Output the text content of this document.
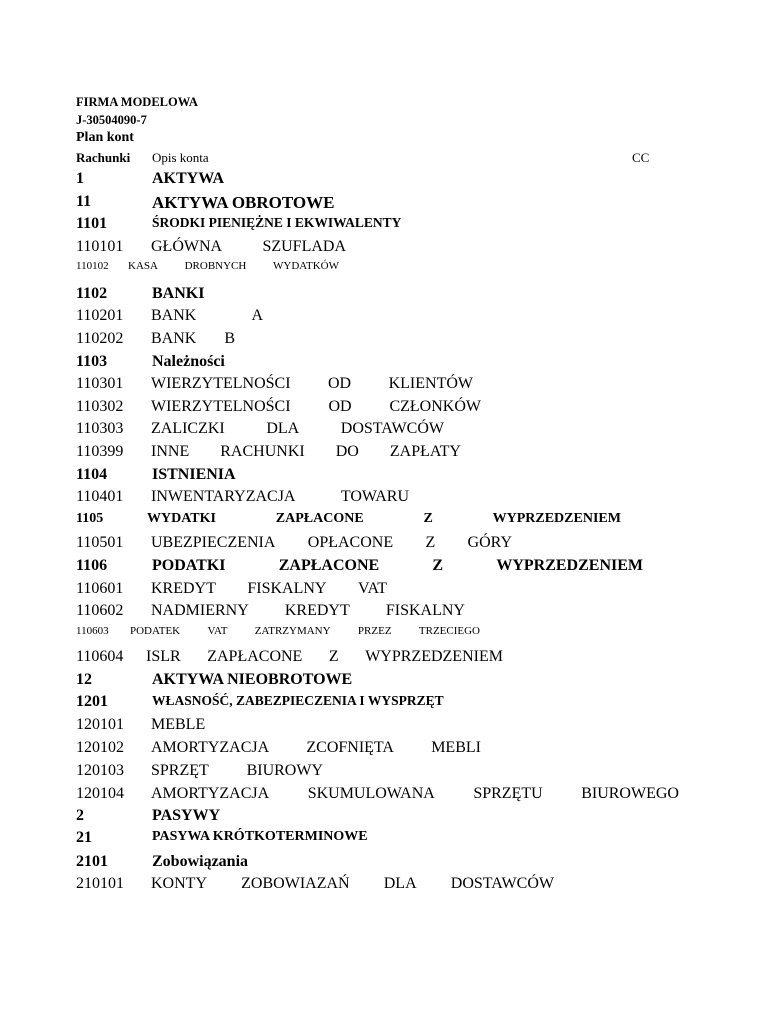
FIRMA MODELOWA
J-30504090-7
Plan kont
Rachunki Opis konta	CC
1	AKTYWA
11	AKTYWA OBROTOWE
1101	ŚRODKI PIENIĘŻNE I EKWIWALENTY
110101 GŁÓWNA	SZUFLADA
110102 KASA DROBNYCH WYDATKÓW
1102	BANKI
110201 BANK	A
110202 BANK B
1103	Należności
110301 WIERZYTELNOŚCI OD KLIENTÓW
110302 WIERZYTELNOŚCI OD CZŁONKÓW
110303 ZALICZKI	DLA	DOSTAWCÓW
110399 INNE RACHUNKI DO ZAPŁATY
1104	ISTNIENIA
110401 INWENTARYZACJA	TOWARU
1105	WYDATKI	ZAPŁACONE	Z	WYPRZEDZENIEM
110501 UBEZPIECZENIA OPŁACONE Z GÓRY
1106	PODATKI	ZAPŁACONE	Z	WYPRZEDZENIEM
110601 KREDYT FISKALNY VAT
110602 NADMIERNY KREDYT FISKALNY
110603 PODATEK VAT ZATRZYMANY PRZEZ TRZECIEGO
110604 ISLR ZAPŁACONE Z WYPRZEDZENIEM
12	AKTYWA NIEOBROTOWE
1201	WŁASNOŚĆ, ZABEZPIECZENIA I WYSPRZĘT
120101 MEBLE
120102 AMORTYZACJA ZCOFNIĘTA MEBLI
120103 SPRZĘT BIUROWY
120104 AMORTYZACJA SKUMULOWANA SPRZĘTU BIUROWEGO
2	PASYWY
21	PASYWA KRÓTKOTERMINOWE
2101	Zobowiązania
210101 KONTY ZOBOWIAZAŃ DLA DOSTAWCÓW
